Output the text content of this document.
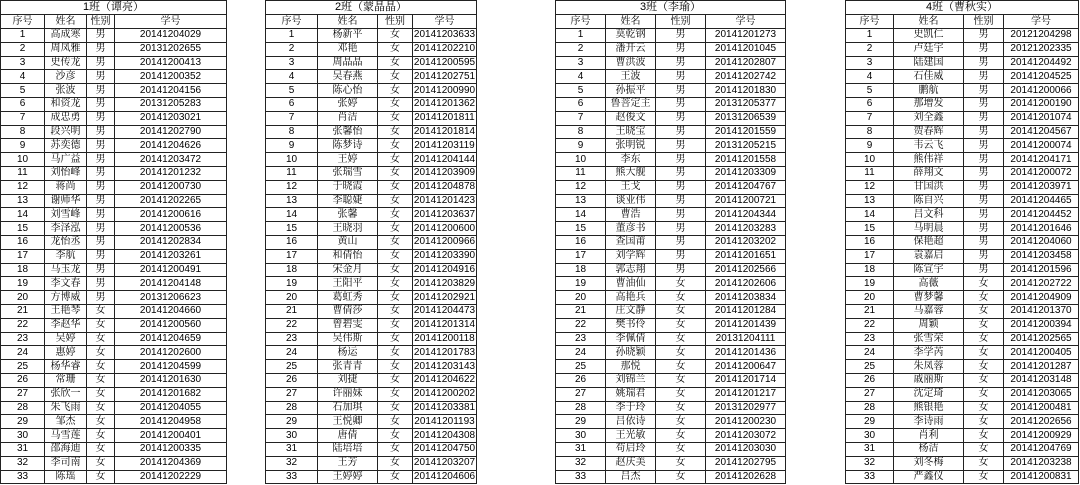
1班（谭亮）
序号	姓名	性别	学号
1	高成寒	男	20141204029
2	周凤雅	男	20131202655
3	史传龙	男	20141200413
4	沙彦	男	20141200352
5	张波	男	20141204156
6	和资龙	男	20131205283
7	成忠勇	男	20141203021
8	段兴明	男	20141202790
9	苏奕德	男	20141204626
10	马广益	男	20141203472
11	刘怡峰	男	20141201232
12	蒋尚	男	20141200730
13	谢师华	男	20141202265
14	刘雪峰	男	20141200616
15	李泽泓	男	20141200536
16	龙怡丞	男	20141202834
17	李航	男	20141203261
18	马玉龙	男	20141200491
19	李文春	男	20141204148
20	方博威	男	20131206623
21	王艳琴	女	20141204660
22	李赵华	女	20141200560
23	吴婷	女	20141204659
24	惠婷	女	20141202600
25	杨华睿	女	20141204599
26	常珊	女	20141201630
27	张欣一	女	20141201682
28	朱飞雨	女	20141204055
29	邹杰	女	20141204958
30	马雪莲	女	20141200401
31	邵海迪	女	20141200335
32	李司南	女	20141204369
33	陈瑶	女	20141202229
2班（蒙晶晶）
序号	姓名	性别	学号
1	杨新平	女	20141203633
2	邓艳	女	20141202210
3	周晶晶	女	20141200595
4	吴春燕	女	20141202751
5	陈心怡	女	20141200990
6	张婷	女	20141201362
7	肖洁	女	20141201811
8	张馨怡	女	20141201814
9	陈梦诗	女	20141203119
10	王婷	女	20141204144
11	张瑞雪	女	20141203909
12	于晓霞	女	20141204878
13	李聪婕	女	20141201423
14	张馨	女	20141203637
15	王晓羽	女	20141200600
16	黄山	女	20141200966
17	和倩怡	女	20141203390
18	宋金月	女	20141204916
19	王阳平	女	20141203829
20	葛虹秀	女	20141202921
21	曹倩莎	女	20141204473
22	曾碧雯	女	20141201314
23	吴伟斯	女	20141200118
24	杨运	女	20141201783
25	张青青	女	20141203143
26	刘捷	女	20141204622
27	许丽妹	女	20141200202
28	石加琪	女	20141203381
29	王悦卿	女	20141201193
30	唐倩	女	20141204308
31	陆培培	女	20141204750
32	王芳	女	20141203207
33	王婷婷	女	20141204606
3班（李瑜）
序号	姓名	性别	学号
1	莫乾钢	男	20141201273
2	潘开云	男	20141201045
3	曹洪波	男	20141202807
4	王波	男	20141202742
5	孙振平	男	20141201830
6	鲁菩定主	男	20131205377
7	赵俊文	男	20131206539
8	王晓宝	男	20141201559
9	张明锐	男	20131205215
10	李东	男	20141201558
11	熊大舰	男	20141203309
12	王戈	男	20141204767
13	谈业伟	男	20141200721
14	曹浩	男	20141204344
15	董彦书	男	20141203283
16	查国莆	男	20141203202
17	刘学辉	男	20141201651
18	郭志翔	男	20141202566
19	曹油仙	女	20141202606
20	高艳兵	女	20141203834
21	庄文静	女	20141201284
22	樊书伶	女	20141201439
23	李佩倩	女	20131204111
24	孙晓颖	女	20141201436
25	那悦	女	20141200647
26	刘锦兰	女	20141201714
27	姚瑞君	女	20141201217
28	李于玲	女	20131202977
29	吕依诗	女	20141200230
30	王光敏	女	20141203072
31	苟启玲	女	20141203030
32	赵庆美	女	20141202795
33	吕杰	女	20141202628
4班（曹秋实）
序号	姓名	性别	学号
1	史凯仁	男	20121204298
2	卢廷宇	男	20121202335
3	陆建国	男	20141204492
4	石佳威	男	20141204525
5	鹏航	男	20141200066
6	那增发	男	20141200190
7	刘全鑫	男	20141201074
8	贺春辉	男	20141204567
9	韦云飞	男	20141200074
10	熊伟祥	男	20141204171
11	薛翔文	男	20141200072
12	甘国洪	男	20141203971
13	陈自兴	男	20141204465
14	吕文科	男	20141204452
15	马明晨	男	20141201646
16	保艳超	男	20141204060
17	袁嘉启	男	20141203458
18	陈宣宇	男	20141201596
19	高薇	女	20141202722
20	曹梦馨	女	20141204909
21	马嘉蓉	女	20141201370
22	周颖	女	20141200394
23	张雪荣	女	20141202565
24	李学芮	女	20141200405
25	朱凤蓉	女	20141201287
26	戚丽斯	女	20141203148
27	沈定琦	女	20141203065
28	熊银艳	女	20141200481
29	李诗雨	女	20141202656
30	肖利	女	20141200929
31	杨洁	女	20141204769
32	刘冬梅	女	20141203238
33	严鑫仪	女	20141200831
